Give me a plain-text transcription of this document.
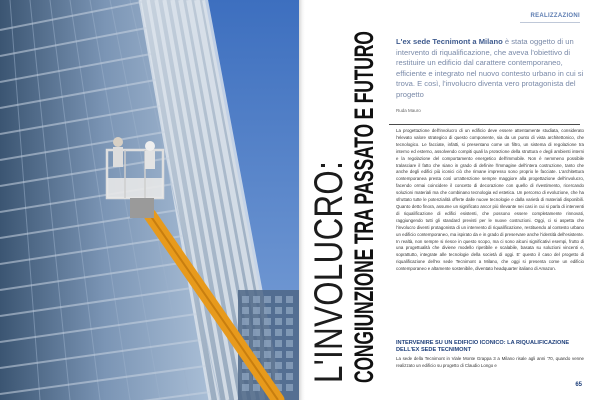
L'INVOLUCRO:
CONGIUNZIONE TRA PASSATO E FUTURO
REALIZZAZIONI
L'ex sede Tecnimont a Milano è stata oggetto di un intervento di riqualificazione, che aveva l'obiettivo di restituire un edificio dal carattere contemporaneo, efficiente e integrato nel nuovo contesto urbano in cui si trova. E così, l'involucro diventa vero protagonista del progetto
Ruda Mauro

La progettazione dell'involucro di un edificio deve essere attentamente studiata, considerato l'elevato valore strategico di questo componente, sia da un punto di vista architettonico, che tecnologico. Le facciate, infatti, si presentano come un filtro, un sistema di regolazione tra interno ed esterno, assolvendo compiti quali la protezione della struttura e degli ambienti interni e la regolazione del comportamento energetico dell'immobile. Non è nemmeno possibile tralasciare il fatto che siano in grado di definire l'immagine dell'intera costruzione, tanto che anche degli edifici più iconici ciò che rimane impresso sono proprio le facciate. L'architettura contemporanea presta così un'attenzione sempre maggiore alla progettazione dell'involucro, facendo ormai coincidere il concetto di decorazione con quello di rivestimento, ricercando soluzioni materiali ma che combinano tecnologia ed estetica. Un percorso di evoluzione, che ha sfruttato tutte le potenzialità offerte dalle nuove tecnologie e dalla varietà di materiali disponibili. Quanto detto finora, assume un significato ancor più rilevante nei casi in cui si parla di interventi di riqualificazione di edifici esistenti, che possono essere completamente rinnovati, raggiungendo tutti gli standard previsti per le nuove costruzioni. Oggi, ci si aspetta che l'involucro diventi protagonista di un intervento di riqualificazione, restituendo al contesto urbano un edificio contemporaneo, ma ispirato da e in grado di preservare anche l'identità dell'esistente. In realtà, non sempre si riesce in questo scopo, ma ci sono alcuni significativi esempi, frutto di una progettualità che diviene modello ripetibile e scalabile, basata su soluzioni vincenti e, soprattutto, integrate alle tecnologie della società di oggi. E' questo il caso del progetto di riqualificazione dell'ex sede Tecnimont a Milano, che oggi si presenta come un edificio contemporaneo e altamente sostenibile, diventato headquarter italiano di Amazon.

INTERVENIRE SU UN EDIFICIO ICONICO: LA RIQUALIFICAZIONE DELL'EX SEDE TECNIMONT

La sede della Tecnimont in Viale Monte Grappa 3 a Milano risale agli anni '70, quando venne realizzato un edificio su progetto di Claudio Longo e

65
